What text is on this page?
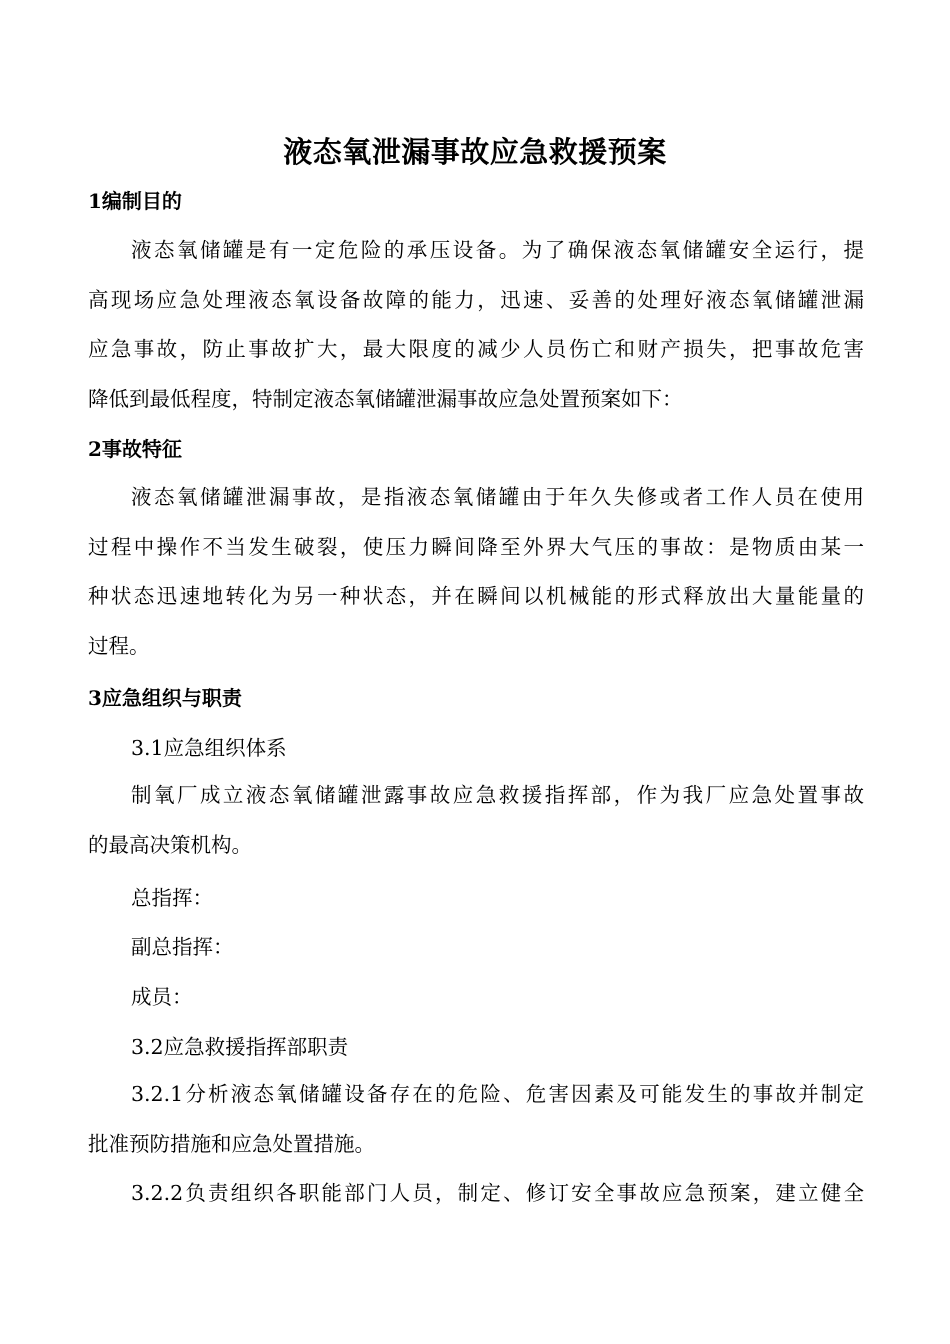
液态氧泄漏事故应急救援预案
1编制目的
液态氧储罐是有一定危险的承压设备。为了确保液态氧储罐安全运行，提
高现场应急处理液态氧设备故障的能力，迅速、妥善的处理好液态氧储罐泄漏
应急事故，防止事故扩大，最大限度的减少人员伤亡和财产损失，把事故危害
降低到最低程度，特制定液态氧储罐泄漏事故应急处置预案如下：
2事故特征
液态氧储罐泄漏事故，是指液态氧储罐由于年久失修或者工作人员在使用
过程中操作不当发生破裂，使压力瞬间降至外界大气压的事故：是物质由某一
种状态迅速地转化为另一种状态，并在瞬间以机械能的形式释放出大量能量的
过程。
3应急组织与职责
3.1应急组织体系
制氧厂成立液态氧储罐泄露事故应急救援指挥部，作为我厂应急处置事故
的最高决策机构。
总指挥：
副总指挥：
成员：
3.2应急救援指挥部职责
3.2.1分析液态氧储罐设备存在的危险、危害因素及可能发生的事故并制定
批准预防措施和应急处置措施。
3.2.2负责组织各职能部门人员，制定、修订安全事故应急预案，建立健全
